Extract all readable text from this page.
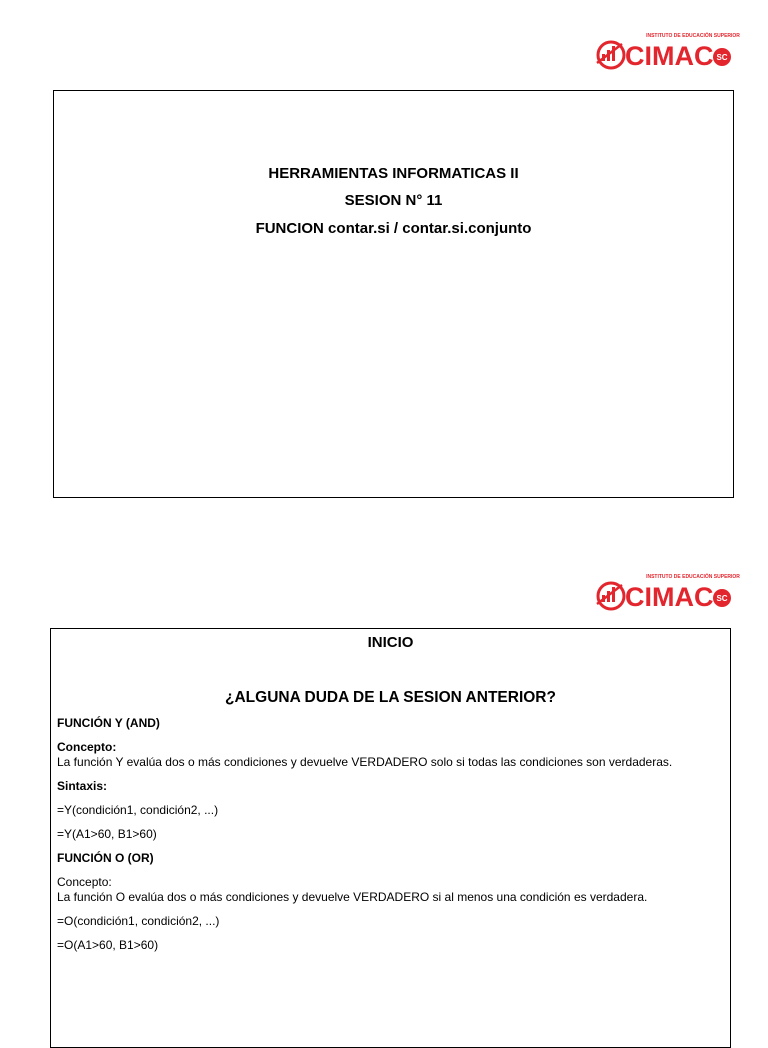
INSTITUTO DE EDUCACIÓN SUPERIOR
CIMAC SC
HERRAMIENTAS INFORMATICAS II
SESION N° 11
FUNCION contar.si / contar.si.conjunto
INSTITUTO DE EDUCACIÓN SUPERIOR
CIMAC SC
INICIO
¿ALGUNA DUDA DE LA SESION ANTERIOR?
FUNCIÓN Y (AND)
Concepto:
La función Y evalúa dos o más condiciones y devuelve VERDADERO solo si todas las condiciones son verdaderas.
Sintaxis:
=Y(condición1, condición2, ...)
=Y(A1>60, B1>60)
FUNCIÓN O (OR)
Concepto:
La función O evalúa dos o más condiciones y devuelve VERDADERO si al menos una condición es verdadera.
=O(condición1, condición2, ...)
=O(A1>60, B1>60)
